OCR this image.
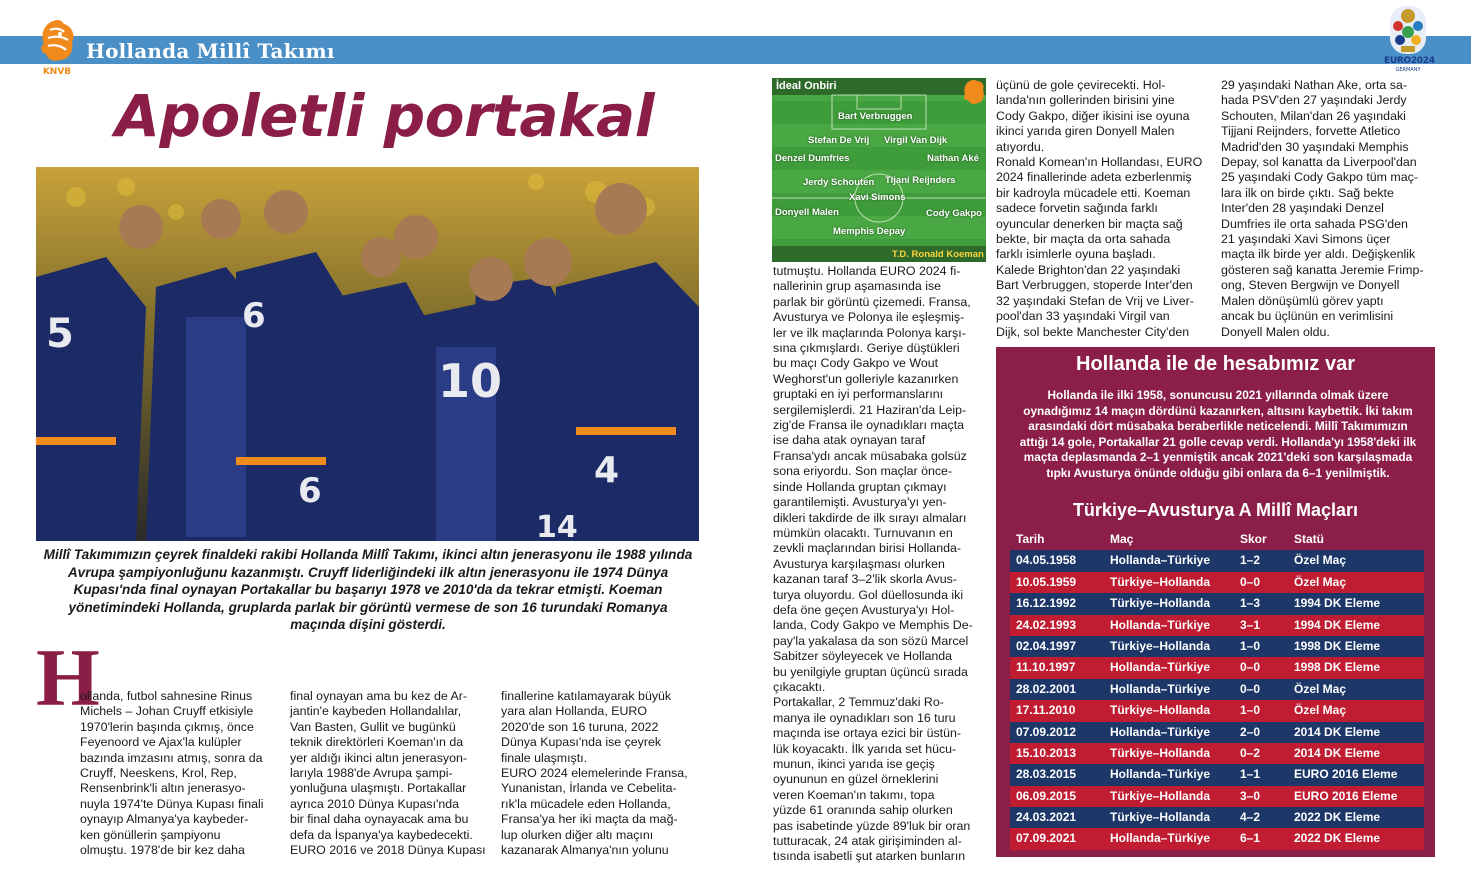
Hollanda Millî Takımı
KNVB
EURO2024
GERMANY
Apoletli portakal
5	6
6
10
4
14
Millî Takımımızın çeyrek finaldeki rakibi Hollanda Millî Takımı, ikinci altın jenerasyonu ile 1988 yılında Avrupa şampiyonluğunu kazanmıştı. Cruyff liderliğindeki ilk altın jenerasyonu ile 1974 Dünya Kupası'nda final oynayan Portakallar bu başarıyı 1978 ve 2010'da da tekrar etmişti. Koeman yönetimindeki Hollanda, gruplarda parlak bir görüntü vermese de son 16 turundaki Romanya maçında dişini gösterdi.
H
ollanda, futbol sahnesine Rinus
Michels – Johan Cruyff etkisiyle
1970'lerin başında çıkmış, önce
Feyenoord ve Ajax'la kulüpler
bazında imzasını atmış, sonra da
Cruyff, Neeskens, Krol, Rep,
Rensenbrink'li altın jenerasyo-
nuyla 1974'te Dünya Kupası finali
oynayıp Almanya'ya kaybeder-
ken gönüllerin şampiyonu
olmuştu. 1978'de bir kez daha
final oynayan ama bu kez de Ar-
jantin'e kaybeden Hollandalılar,
Van Basten, Gullit ve bugünkü
teknik direktörleri Koeman'ın da
yer aldığı ikinci altın jenerasyon-
larıyla 1988'de Avrupa şampi-
yonluğuna ulaşmıştı. Portakallar
ayrıca 2010 Dünya Kupası'nda
bir final daha oynayacak ama bu
defa da İspanya'ya kaybedecekti.
EURO 2016 ve 2018 Dünya Kupası
finallerine katılamayarak büyük
yara alan Hollanda, EURO
2020'de son 16 turuna, 2022
Dünya Kupası'nda ise çeyrek
finale ulaşmıştı.
EURO 2024 elemelerinde Fransa,
Yunanistan, İrlanda ve Cebelita-
rık'la mücadele eden Hollanda,
Fransa'ya her iki maçta da mağ-
lup olurken diğer altı maçını
kazanarak Almanya'nın yolunu
İdeal Onbiri
Bart Verbruggen
Stefan De Vrij Virgil Van Dijk
Denzel Dumfries	Nathan Aké
Jerdy Schouten Tijani Reijnders
Xavi Simons
Donyell Malen	Cody Gakpo
Memphis Depay
T.D. Ronald Koeman
tutmuştu. Hollanda EURO 2024 fi-
nallerinin grup aşamasında ise
parlak bir görüntü çizemedi. Fransa,
Avusturya ve Polonya ile eşleşmiş-
ler ve ilk maçlarında Polonya karşı-
sına çıkmışlardı. Geriye düştükleri
bu maçı Cody Gakpo ve Wout
Weghorst'un golleriyle kazanırken
gruptaki en iyi performanslarını
sergilemişlerdi. 21 Haziran'da Leip-
zig'de Fransa ile oynadıkları maçta
ise daha atak oynayan taraf
Fransa'ydı ancak müsabaka golsüz
sona eriyordu. Son maçlar önce-
sinde Hollanda gruptan çıkmayı
garantilemişti. Avusturya'yı yen-
dikleri takdirde de ilk sırayı almaları
mümkün olacaktı. Turnuvanın en
zevkli maçlarından birisi Hollanda-
Avusturya karşılaşması olurken
kazanan taraf 3–2'lik skorla Avus-
turya oluyordu. Gol düellosunda iki
defa öne geçen Avusturya'yı Hol-
landa, Cody Gakpo ve Memphis De-
pay'la yakalasa da son sözü Marcel
Sabitzer söyleyecek ve Hollanda
bu yenilgiyle gruptan üçüncü sırada
çıkacaktı.
Portakallar, 2 Temmuz'daki Ro-
manya ile oynadıkları son 16 turu
maçında ise ortaya ezici bir üstün-
lük koyacaktı. İlk yarıda set hücu-
munun, ikinci yarıda ise geçiş
oyununun en güzel örneklerini
veren Koeman'ın takımı, topa
yüzde 61 oranında sahip olurken
pas isabetinde yüzde 89'luk bir oran
tutturacak, 24 atak girişiminden al-
tısında isabetli şut atarken bunların
üçünü de gole çevirecekti. Hol-
landa'nın gollerinden birisini yine
Cody Gakpo, diğer ikisini ise oyuna
ikinci yarıda giren Donyell Malen
atıyordu.
Ronald Komean'ın Hollandası, EURO
2024 finallerinde adeta ezberlenmiş
bir kadroyla mücadele etti. Koeman
sadece forvetin sağında farklı
oyuncular denerken bir maçta sağ
bekte, bir maçta da orta sahada
farklı isimlerle oyuna başladı.
Kalede Brighton'dan 22 yaşındaki
Bart Verbruggen, stoperde Inter'den
32 yaşındaki Stefan de Vrij ve Liver-
pool'dan 33 yaşındaki Virgil van
Dijk, sol bekte Manchester City'den
29 yaşındaki Nathan Ake, orta sa-
hada PSV'den 27 yaşındaki Jerdy
Schouten, Milan'dan 26 yaşındaki
Tijjani Reijnders, forvette Atletico
Madrid'den 30 yaşındaki Memphis
Depay, sol kanatta da Liverpool'dan
25 yaşındaki Cody Gakpo tüm maç-
lara ilk on birde çıktı. Sağ bekte
Inter'den 28 yaşındaki Denzel
Dumfries ile orta sahada PSG'den
21 yaşındaki Xavi Simons üçer
maçta ilk birde yer aldı. Değişkenlik
gösteren sağ kanatta Jeremie Frimp-
ong, Steven Bergwijn ve Donyell
Malen dönüşümlü görev yaptı
ancak bu üçlünün en verimlisini
Donyell Malen oldu.
Hollanda ile de hesabımız var
Hollanda ile ilki 1958, sonuncusu 2021 yıllarında olmak üzere oynadığımız 14 maçın dördünü kazanırken, altısını kaybettik. İki takım arasındaki dört müsabaka beraberlikle neticelendi. Millî Takımımızın attığı 14 gole, Portakallar 21 golle cevap verdi. Hollanda'yı 1958'deki ilk maçta deplasmanda 2–1 yenmiştik ancak 2021'deki son karşılaşmada tıpkı Avusturya önünde olduğu gibi onlara da 6–1 yenilmiştik.
Türkiye–Avusturya A Millî Maçları
Tarih	Maç	Skor Statü
04.05.1958	Hollanda–Türkiye 1–2	Özel Maç
10.05.1959	Türkiye–Hollanda 0–0	Özel Maç
16.12.1992	Türkiye–Hollanda 1–3	1994 DK Eleme
24.02.1993	Hollanda–Türkiye 3–1	1994 DK Eleme
02.04.1997	Türkiye–Hollanda 1–0	1998 DK Eleme
11.10.1997	Hollanda–Türkiye 0–0	1998 DK Eleme
28.02.2001	Hollanda–Türkiye 0–0	Özel Maç
17.11.2010	Türkiye–Hollanda 1–0	Özel Maç
07.09.2012	Hollanda–Türkiye 2–0	2014 DK Eleme
15.10.2013	Türkiye–Hollanda 0–2	2014 DK Eleme
28.03.2015	Hollanda–Türkiye 1–1	EURO 2016 Eleme
06.09.2015	Türkiye–Hollanda 3–0	EURO 2016 Eleme
24.03.2021	Türkiye–Hollanda 4–2	2022 DK Eleme
07.09.2021	Hollanda–Türkiye 6–1	2022 DK Eleme
